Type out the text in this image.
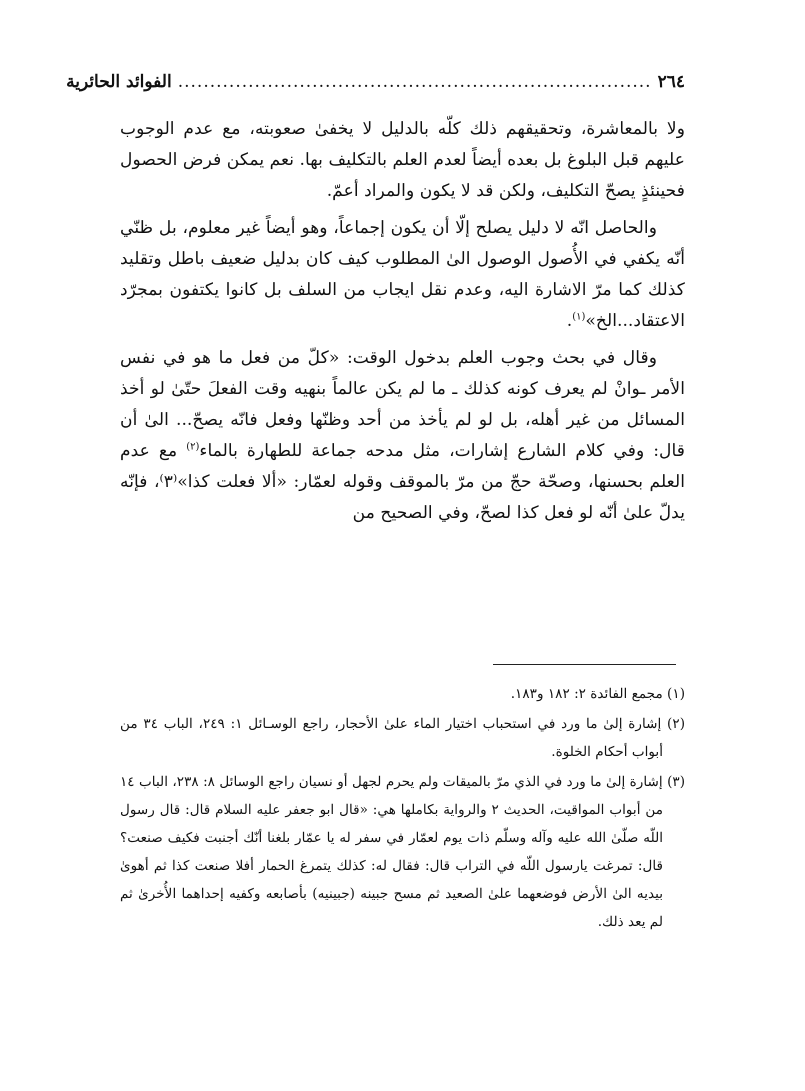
٢٦٤
..........................................................................
الفوائد الحائرية

ولا بالمعاشرة، وتحقيقهم ذلك كلّه بالدليل لا يخفىٰ صعوبته، مع عدم الوجوب عليهم قبل البلوغ بل بعده أيضاً لعدم العلم بالتكليف بها. نعم يمكن فرض الحصول فحينئذٍ يصحّ التكليف، ولكن قد لا يكون والمراد أعمّ.

والحاصل انّه لا دليل يصلح إلّا أن يكون إجماعاً، وهو أيضاً غير معلوم، بل ظنّي أنّه يكفي في الأُصول الوصول الىٰ المطلوب كيف كان بدليل ضعيف باطل وتقليد كذلك كما مرّ الاشارة اليه، وعدم نقل ايجاب من السلف بل كانوا يكتفون بمجرّد الاعتقاد...الخ»$^{(١)}$.

وقال في بحث وجوب العلم بدخول الوقت: «كلّ من فعل ما هو في نفس الأمر ـوانْ لم يعرف كونه كذلك ـ ما لم يكن عالماً بنهيه وقت الفعلَ حتّىٰ لو أخذ المسائل من غير أهله، بل لو لم يأخذ من أحد وظنّها وفعل فانّه يصحّ... الىٰ أن قال: وفي كلام الشارع إشارات، مثل مدحه جماعة للطهارة بالماء$^{(٢)}$ مع عدم العلم بحسنها، وصحّة حجّ من مرّ بالموقف وقوله لعمّار: «ألا فعلت كذا»⁽٣⁾، فإنّه يدلّ علىٰ أنّه لو فعل كذا لصحّ، وفي الصحيح من

(١) مجمع الفائدة ٢: ١٨٢ و١٨٣.

(٢) إشارة إلىٰ ما ورد في استحباب اختيار الماء علىٰ الأحجار، راجع الوسـائل ١: ٢٤٩، الباب ٣٤ من أبواب أحكام الخلوة.

(٣) إشارة إلىٰ ما ورد في الذي مرّ بالميقات ولم يحرم لجهل أو نسيان راجع الوسائل ٨: ٢٣٨، الباب ١٤ من أبواب المواقيت، الحديث ٢ والرواية بكاملها هي: «قال ابو جعفر عليه السلام قال: قال رسول اللّه صلّىٰ الله عليه وآله وسلّم ذات يوم لعمّار في سفر له يا عمّار بلغنا أنّك أجنبت فكيف صنعت؟ قال: تمرغت يارسول اللّه في التراب قال: فقال له: كذلك يتمرغ الحمار أفلا صنعت كذا ثم أهوىٰ بيديه الىٰ الأرض فوضعهما علىٰ الصعيد ثم مسح جبينه (جبينيه) بأصابعه وكفيه إحداهما الأُخرىٰ ثم لم يعد ذلك.
